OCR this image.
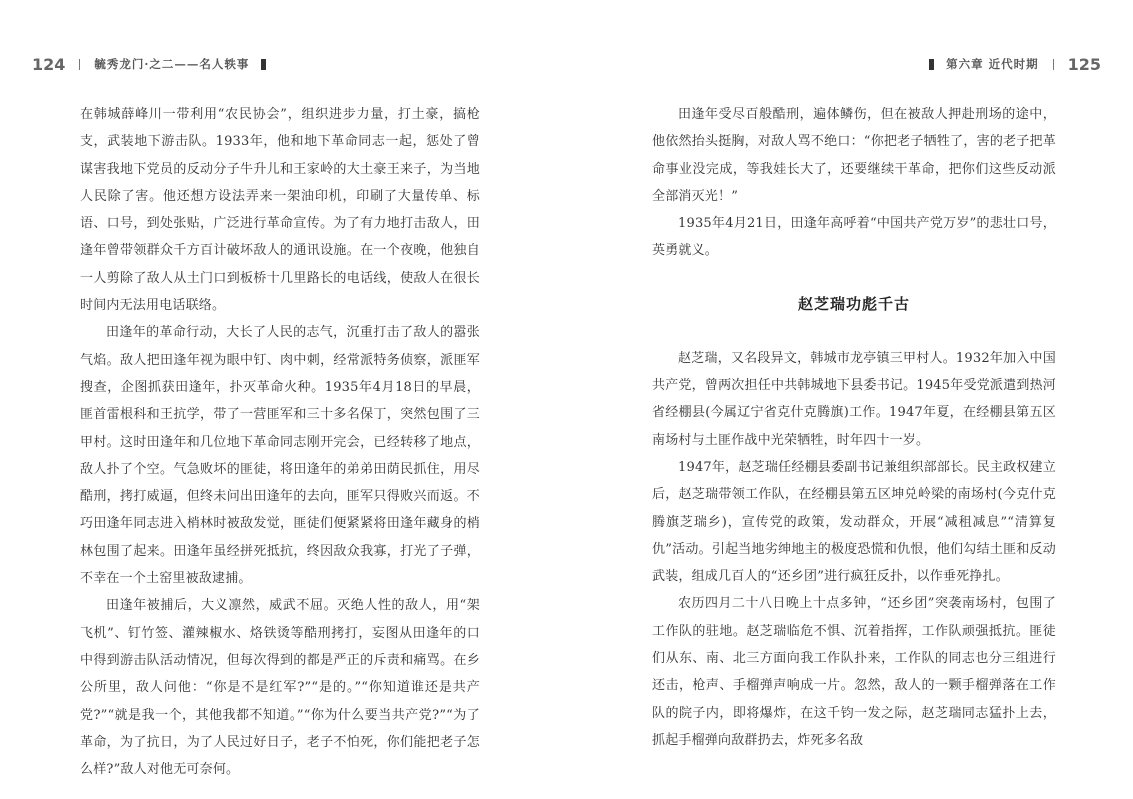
124	毓秀龙门·之二——名人轶事	第六章 近代时期 125

在韩城薛峰川一带利用“农民协会”，组织进步力量，打土豪，搞枪支，武装地下游击队。1933年，他和地下革命同志一起，惩处了曾谋害我地下党员的反动分子牛升儿和王家岭的大土豪王来子，为当地人民除了害。他还想方设法弄来一架油印机，印刷了大量传单、标语、口号，到处张贴，广泛进行革命宣传。为了有力地打击敌人，田逢年曾带领群众千方百计破坏敌人的通讯设施。在一个夜晚，他独自一人剪除了敌人从土门口到板桥十几里路长的电话线，使敌人在很长时间内无法用电话联络。

田逢年的革命行动，大长了人民的志气，沉重打击了敌人的嚣张气焰。敌人把田逢年视为眼中钉、肉中刺，经常派特务侦察，派匪军搜查，企图抓获田逢年，扑灭革命火种。1935年4月18日的早晨，匪首雷根科和王抗学，带了一营匪军和三十多名保丁，突然包围了三甲村。这时田逢年和几位地下革命同志刚开完会，已经转移了地点，敌人扑了个空。气急败坏的匪徒，将田逢年的弟弟田荫民抓住，用尽酷刑，拷打威逼，但终未问出田逢年的去向，匪军只得败兴而返。不巧田逢年同志进入梢林时被敌发觉，匪徒们便紧紧将田逢年藏身的梢林包围了起来。田逢年虽经拼死抵抗，终因敌众我寡，打光了子弹，不幸在一个土窑里被敌逮捕。

田逢年被捕后，大义凛然，威武不屈。灭绝人性的敌人，用“架飞机”、钉竹签、灌辣椒水、烙铁烫等酷刑拷打，妄图从田逢年的口中得到游击队活动情况，但每次得到的都是严正的斥责和痛骂。在乡公所里，敌人问他：“你是不是红军?”“是的。”“你知道谁还是共产党?”“就是我一个，其他我都不知道。”“你为什么要当共产党?”“为了革命，为了抗日，为了人民过好日子，老子不怕死，你们能把老子怎么样?”敌人对他无可奈何。

田逢年受尽百般酷刑，遍体鳞伤，但在被敌人押赴刑场的途中，他依然抬头挺胸，对敌人骂不绝口：“你把老子牺牲了，害的老子把革命事业没完成，等我娃长大了，还要继续干革命，把你们这些反动派全部消灭光！”

1935年4月21日，田逢年高呼着“中国共产党万岁”的悲壮口号，英勇就义。

赵芝瑞功彪千古

赵芝瑞，又名段异文，韩城市龙亭镇三甲村人。1932年加入中国共产党，曾两次担任中共韩城地下县委书记。1945年受党派遣到热河省经棚县(今属辽宁省克什克腾旗)工作。1947年夏，在经棚县第五区南场村与土匪作战中光荣牺牲，时年四十一岁。

1947年，赵芝瑞任经棚县委副书记兼组织部部长。民主政权建立后，赵芝瑞带领工作队，在经棚县第五区坤兑岭梁的南场村(今克什克腾旗芝瑞乡)，宣传党的政策，发动群众，开展“减租减息”“清算复仇”活动。引起当地劣绅地主的极度恐慌和仇恨，他们勾结土匪和反动武装，组成几百人的“还乡团”进行疯狂反扑，以作垂死挣扎。

农历四月二十八日晚上十点多钟，“还乡团”突袭南场村，包围了工作队的驻地。赵芝瑞临危不惧、沉着指挥，工作队顽强抵抗。匪徒们从东、南、北三方面向我工作队扑来，工作队的同志也分三组进行还击，枪声、手榴弹声响成一片。忽然，敌人的一颗手榴弹落在工作队的院子内，即将爆炸，在这千钧一发之际，赵芝瑞同志猛扑上去，抓起手榴弹向敌群扔去，炸死多名敌
